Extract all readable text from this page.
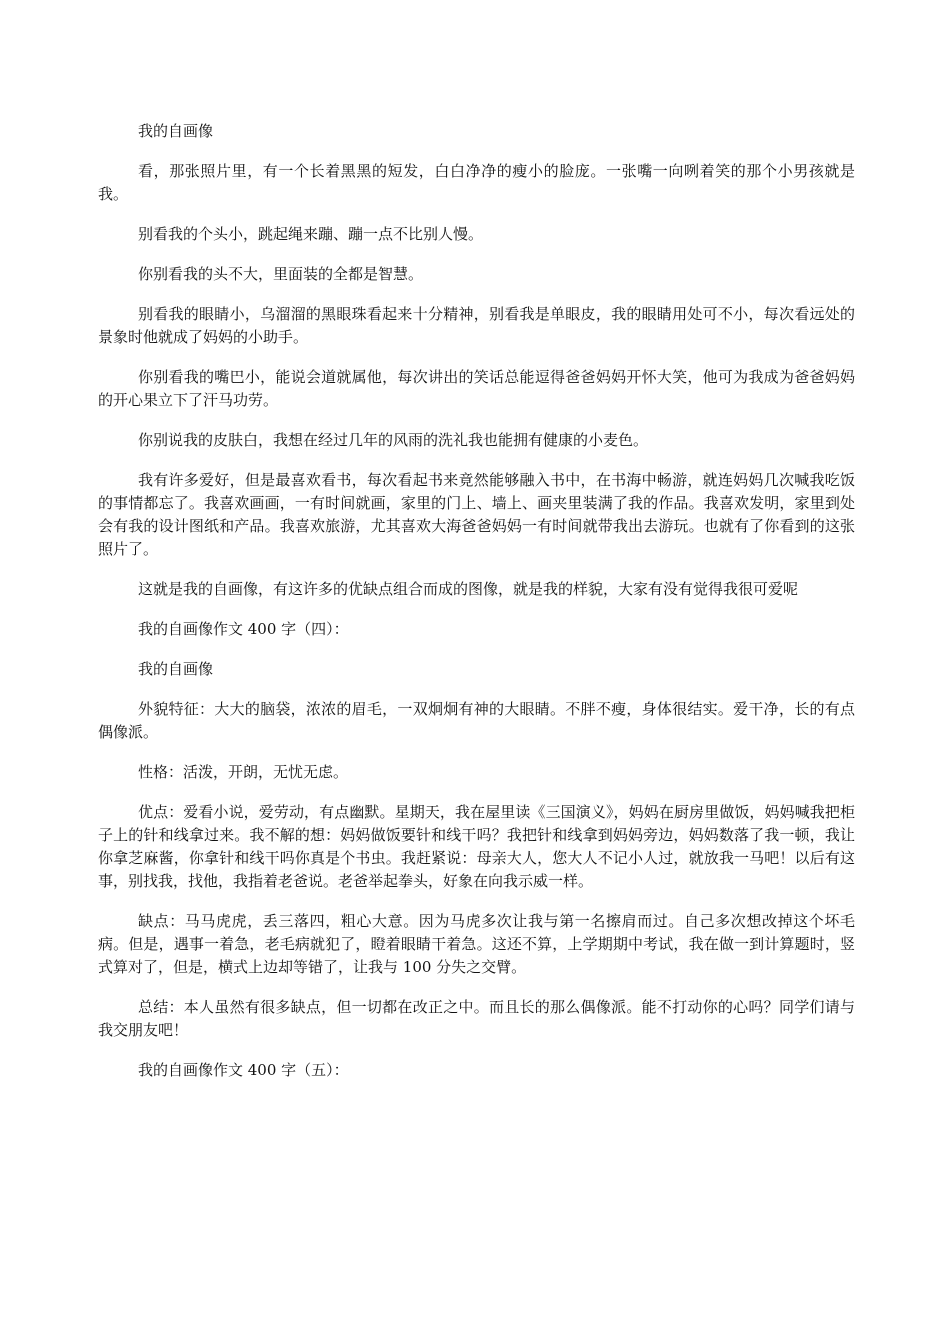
我的自画像

看，那张照片里，有一个长着黑黑的短发，白白净净的瘦小的脸庞。一张嘴一向咧着笑的那个小男孩就是我。

别看我的个头小，跳起绳来蹦、蹦一点不比别人慢。

你别看我的头不大，里面装的全都是智慧。

别看我的眼睛小，乌溜溜的黑眼珠看起来十分精神，别看我是单眼皮，我的眼睛用处可不小，每次看远处的景象时他就成了妈妈的小助手。

你别看我的嘴巴小，能说会道就属他，每次讲出的笑话总能逗得爸爸妈妈开怀大笑，他可为我成为爸爸妈妈的开心果立下了汗马功劳。

你别说我的皮肤白，我想在经过几年的风雨的洗礼我也能拥有健康的小麦色。

我有许多爱好，但是最喜欢看书，每次看起书来竟然能够融入书中，在书海中畅游，就连妈妈几次喊我吃饭的事情都忘了。我喜欢画画，一有时间就画，家里的门上、墙上、画夹里装满了我的作品。我喜欢发明，家里到处会有我的设计图纸和产品。我喜欢旅游，尤其喜欢大海爸爸妈妈一有时间就带我出去游玩。也就有了你看到的这张照片了。

这就是我的自画像，有这许多的优缺点组合而成的图像，就是我的样貌，大家有没有觉得我很可爱呢

我的自画像作文 400 字（四）：

我的自画像

外貌特征：大大的脑袋，浓浓的眉毛，一双炯炯有神的大眼睛。不胖不瘦，身体很结实。爱干净，长的有点偶像派。

性格：活泼，开朗，无忧无虑。

优点：爱看小说，爱劳动，有点幽默。星期天，我在屋里读《三国演义》，妈妈在厨房里做饭，妈妈喊我把柜子上的针和线拿过来。我不解的想：妈妈做饭要针和线干吗？我把针和线拿到妈妈旁边，妈妈数落了我一顿，我让你拿芝麻酱，你拿针和线干吗你真是个书虫。我赶紧说：母亲大人，您大人不记小人过，就放我一马吧！以后有这事，别找我，找他，我指着老爸说。老爸举起拳头，好象在向我示威一样。

缺点：马马虎虎，丢三落四，粗心大意。因为马虎多次让我与第一名擦肩而过。自己多次想改掉这个坏毛病。但是，遇事一着急，老毛病就犯了，瞪着眼睛干着急。这还不算，上学期期中考试，我在做一到计算题时，竖式算对了，但是，横式上边却等错了，让我与 100 分失之交臂。

总结：本人虽然有很多缺点，但一切都在改正之中。而且长的那么偶像派。能不打动你的心吗？同学们请与我交朋友吧！

我的自画像作文 400 字（五）：
